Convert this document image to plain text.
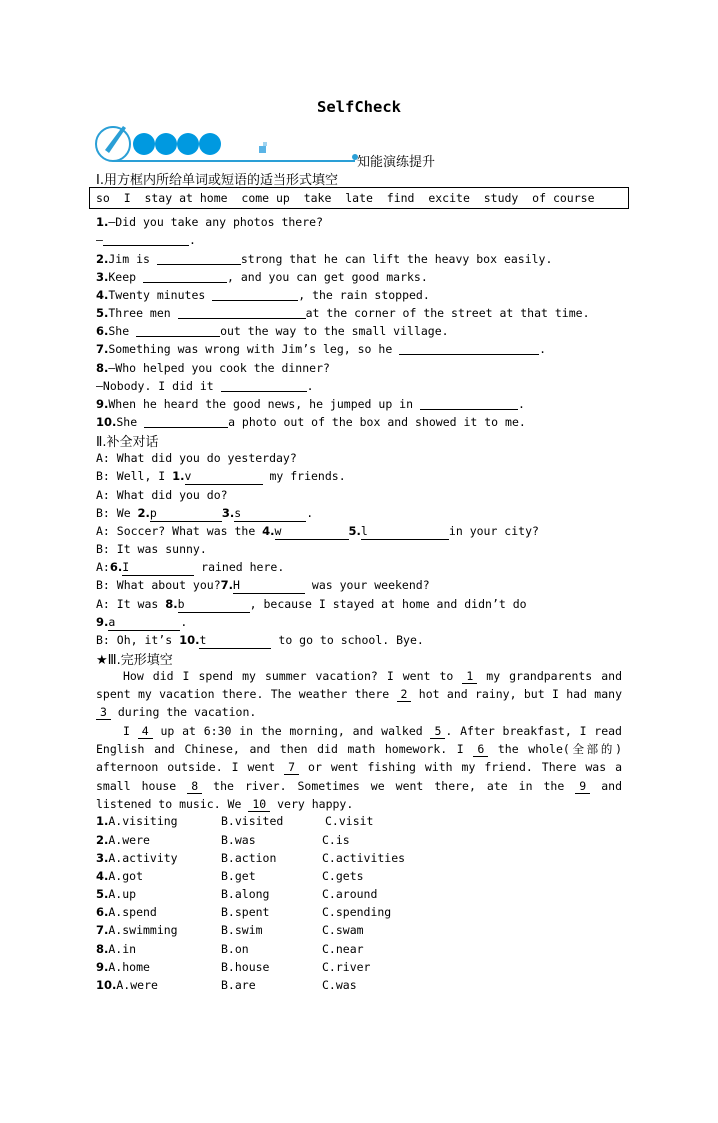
SelfCheck
知能演练提升
Ⅰ.用方框内所给单词或短语的适当形式填空
so  I  stay at home  come up  take  late  find  excite  study  of course
1.—Did you take any photos there?
—	.
2.Jim is	strong that he can lift the heavy box easily.
3.Keep	, and you can get good marks.
4.Twenty minutes	, the rain stopped.
5.Three men	at the corner of the street at that time.
6.She	out the way to the small village.
7.Something was wrong with Jim’s leg, so he	.
8.—Who helped you cook the dinner?
—Nobody. I did it	.
9.When he heard the good news, he jumped up in	.
10.She	a photo out of the box and showed it to me.
Ⅱ.补全对话
A: What did you do yesterday?
B: Well, I 1.v	my friends.
A: What did you do?
B: We 2.p	3.s	.
A: Soccer? What was the 4.w	5.l	in your city?
B: It was sunny.
A:6.I	rained here.
B: What about you?7.H	was your weekend?
A: It was 8.b	, because I stayed at home and didn’t do
9.a	.
B: Oh, it’s 10.t	to go to school. Bye.
★Ⅲ.完形填空
How did I spend my summer vacation? I went to 1 my grandparents and spent my vacation there. The weather there 2 hot and rainy, but I had many 3 during the vacation.
I 4 up at 6:30 in the morning, and walked 5 . After breakfast, I read English and Chinese, and then did math homework. I 6 the whole(全部的) afternoon outside. I went 7 or went fishing with my friend. There was a small house 8 the river. Sometimes we went there, ate in the 9 and listened to music. We 10 very happy.
1.A.visiting	B.visited	C.visit
2.A.were	B.was	C.is
3.A.activity	B.action	C.activities
4.A.got	B.get	C.gets
5.A.up	B.along	C.around
6.A.spend	B.spent	C.spending
7.A.swimming	B.swim	C.swam
8.A.in	B.on	C.near
9.A.home	B.house	C.river
10.A.were	B.are	C.was
